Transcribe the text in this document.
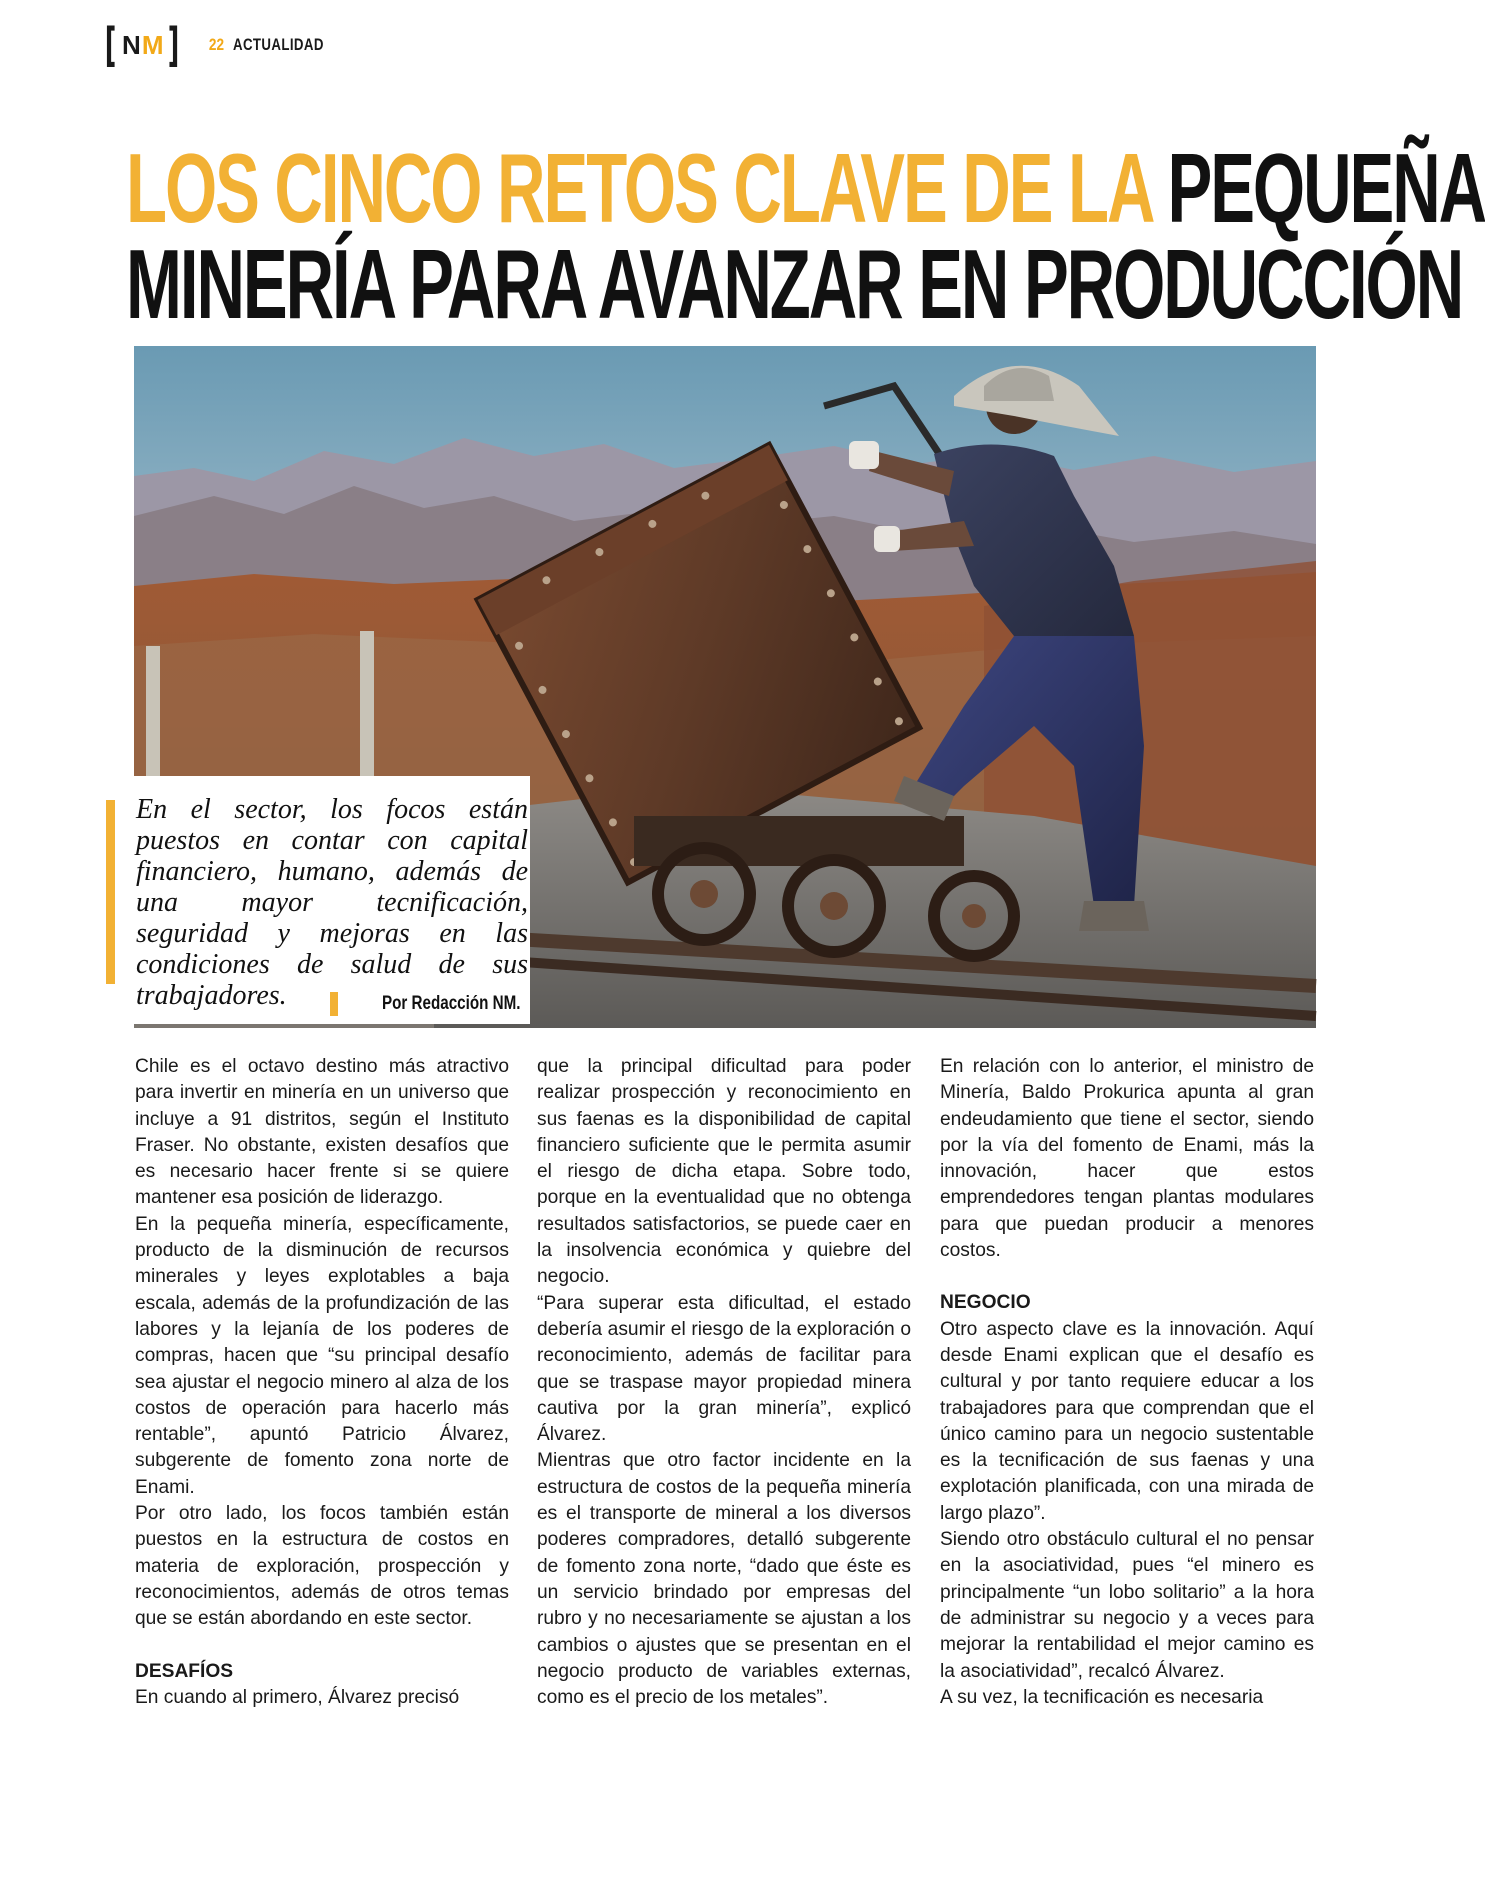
[ N M ] 22 ACTUALIDAD
LOS CINCO RETOS CLAVE DE LA PEQUEÑA
MINERÍA PARA AVANZAR EN PRODUCCIÓN

En el sector, los focos están puestos en contar con capital financiero, humano, además de una mayor tecnificación, seguridad y mejoras en las condiciones de salud de sus trabajadores.	Por Redacción NM.

Chile es el octavo destino más atractivo para invertir en minería en un universo que incluye a 91 distritos, según el Instituto Fraser. No obstante, existen desafíos que es necesario hacer frente si se quiere mantener esa posición de liderazgo.

En la pequeña minería, específicamente, producto de la disminución de recursos minerales y leyes explotables a baja escala, además de la profundización de las labores y la lejanía de los poderes de compras, hacen que “su principal desafío sea ajustar el negocio minero al alza de los costos de operación para hacerlo más rentable”, apuntó Patricio Álvarez, subgerente de fomento zona norte de Enami.

Por otro lado, los focos también están puestos en la estructura de costos en materia de exploración, prospección y reconocimientos, además de otros temas que se están abordando en este sector.

DESAFÍOS

En cuando al primero, Álvarez precisó

que la principal dificultad para poder realizar prospección y reconocimiento en sus faenas es la disponibilidad de capital financiero suficiente que le permita asumir el riesgo de dicha etapa. Sobre todo, porque en la eventualidad que no obtenga resultados satisfactorios, se puede caer en la insolvencia económica y quiebre del negocio.

“Para superar esta dificultad, el estado debería asumir el riesgo de la exploración o reconocimiento, además de facilitar para que se traspase mayor propiedad minera cautiva por la gran minería”, explicó Álvarez.

Mientras que otro factor incidente en la estructura de costos de la pequeña minería es el transporte de mineral a los diversos poderes compradores, detalló subgerente de fomento zona norte, “dado que éste es un servicio brindado por empresas del rubro y no necesariamente se ajustan a los cambios o ajustes que se presentan en el negocio producto de variables externas, como es el precio de los metales”.

En relación con lo anterior, el ministro de Minería, Baldo Prokurica apunta al gran endeudamiento que tiene el sector, siendo por la vía del fomento de Enami, más la innovación, hacer que estos emprendedores tengan plantas modulares para que puedan producir a menores costos.

NEGOCIO

Otro aspecto clave es la innovación. Aquí desde Enami explican que el desafío es cultural y por tanto requiere educar a los trabajadores para que comprendan que el único camino para un negocio sustentable es la tecnificación de sus faenas y una explotación planificada, con una mirada de largo plazo”.

Siendo otro obstáculo cultural el no pensar en la asociatividad, pues “el minero es principalmente “un lobo solitario” a la hora de administrar su negocio y a veces para mejorar la rentabilidad el mejor camino es la asociatividad”, recalcó Álvarez.

A su vez, la tecnificación es necesaria
